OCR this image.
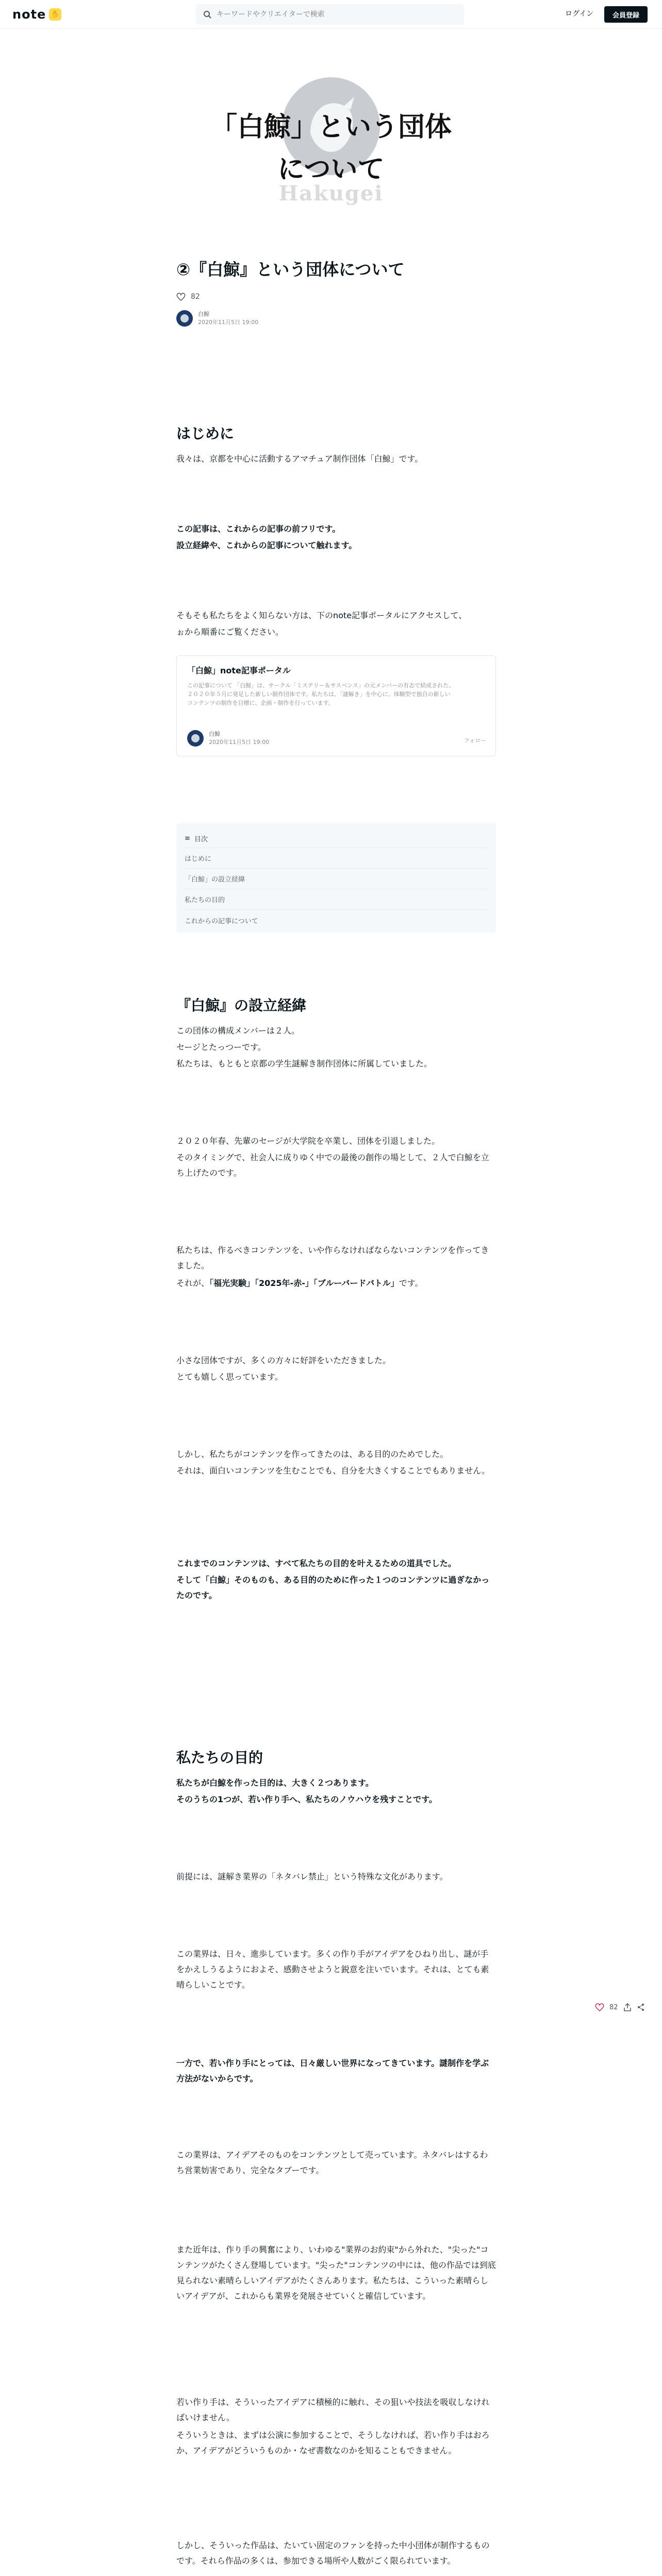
note ✋
キーワードやクリエイターで検索	ログイン	会員登録
「白鯨」という団体
について
Hakugei
②『白鯨』という団体について
82
白鯨
2020年11月5日 19:00
はじめに
我々は、京都を中心に活動するアマチュア制作団体「白鯨」です。
この記事は、これからの記事の前フリです。
設立経緯や、これからの記事について触れます。
そもそも私たちをよく知らない方は、下のnote記事ポータルにアクセスして、
ぉから順番にご覧ください。
「白鯨」note記事ポータル
この記事について 「白鯨」は、サークル「ミステリー＆サスペンス」の元メンバーの有志で結成された、２０２０年５月に発足した新しい制作団体です。私たちは、「謎解き」を中心に、体験型で独自の新しいコンテンツの制作を目標に、企画・制作を行っています。
白鯨
2020年11月5日 19:00	フォロー
≡ 目次
はじめに
「白鯨」の設立経緯
私たちの目的
これからの記事について
『白鯨』の設立経緯
この団体の構成メンバーは２人。
セージとたっつーです。
私たちは、もともと京都の学生謎解き制作団体に所属していました。
２０２０年春、先輩のセージが大学院を卒業し、団体を引退しました。
そのタイミングで、社会人に成りゆく中での最後の創作の場として、２人で白鯨を立ち上げたのです。
私たちは、作るべきコンテンツを、いや作らなければならないコンテンツを作ってきました。
それが、「福光実験」「2025年-赤-」「ブルーバードバトル」です。
小さな団体ですが、多くの方々に好評をいただきました。
とても嬉しく思っています。
しかし、私たちがコンテンツを作ってきたのは、ある目的のためでした。
それは、面白いコンテンツを生むことでも、自分を大きくすることでもありません。
これまでのコンテンツは、すべて私たちの目的を叶えるための道具でした。
そして「白鯨」そのものも、ある目的のために作った１つのコンテンツに過ぎなかったのです。
私たちの目的
私たちが白鯨を作った目的は、大きく２つあります。
そのうちの1つが、若い作り手へ、私たちのノウハウを残すことです。
前提には、謎解き業界の「ネタバレ禁止」という特殊な文化があります。
この業界は、日々、進歩しています。多くの作り手がアイデアをひねり出し、謎が手をかえしうるようにおよそ、感動させようと鋭意を注いでいます。それは、とても素晴らしいことです。
一方で、若い作り手にとっては、日々厳しい世界になってきています。謎制作を学ぶ方法がないからです。
この業界は、アイデアそのものをコンテンツとして売っています。ネタバレはするわち営業妨害であり、完全なタブーです。
また近年は、作り手の興奮により、いわゆる"業界のお約束"から外れた、"尖った"コンテンツがたくさん登場しています。"尖った"コンテンツの中には、他の作品では到底見られない素晴らしいアイデアがたくさんあります。私たちは、こういった素晴らしいアイデアが、これからも業界を発展させていくと確信しています。
若い作り手は、そういったアイデアに積極的に触れ、その狙いや技法を吸収しなければいけません。
そういうときは、まずは公演に参加することで、そうしなければ、若い作り手はおろか、アイデアがどういうものか・なぜ書数なのかを知ることもできません。
しかし、そういった作品は、たいてい固定のファンを持った中小団体が制作するものです。それら作品の多くは、参加できる場所や人数がごく限られています。
82
